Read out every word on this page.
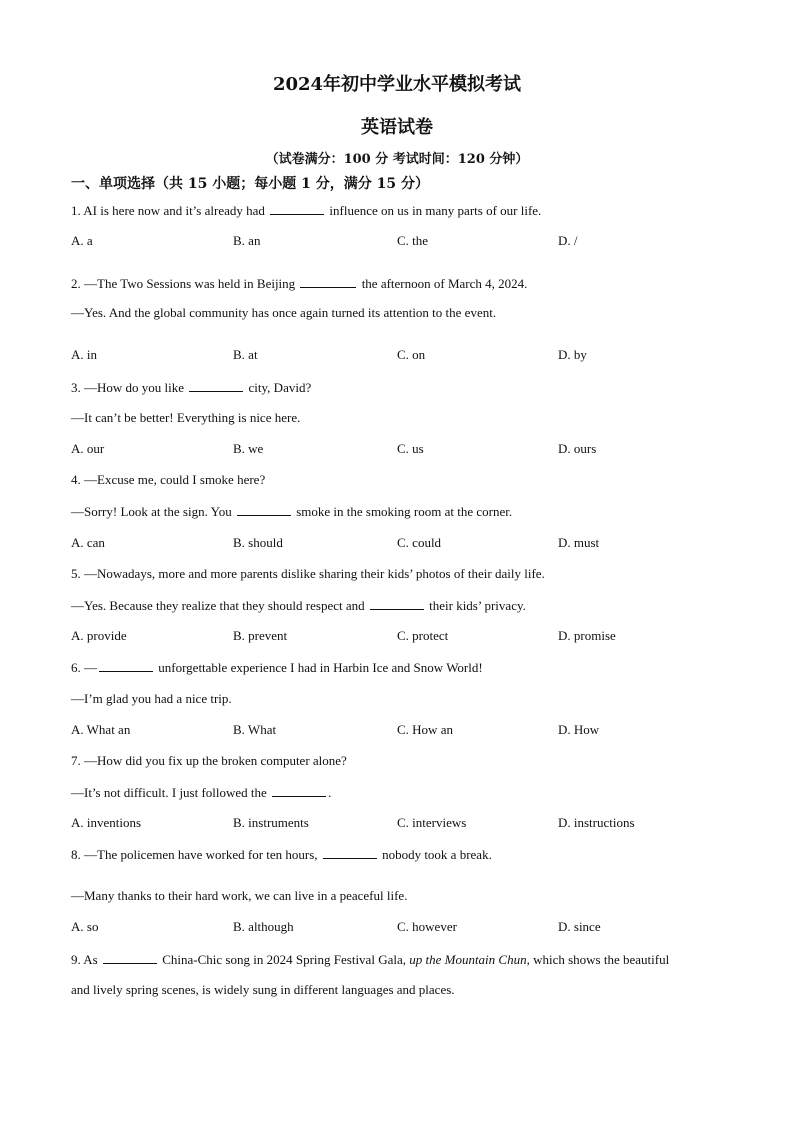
2024年初中学业水平模拟考试
英语试卷
（试卷满分：100 分 考试时间：120 分钟）
一、单项选择（共 15 小题；每小题 1 分，满分 15 分）
1. AI is here now and it’s already had	influence on us in many parts of our life.
A. a	B. an	C. the	D. /
2. —The Two Sessions was held in Beijing	the afternoon of March 4, 2024.
—Yes. And the global community has once again turned its attention to the event.
A. in	B. at	C. on	D. by
3. —How do you like	city, David?
—It can’t be better! Everything is nice here.
A. our	B. we	C. us	D. ours
4. —Excuse me, could I smoke here?
—Sorry! Look at the sign. You	smoke in the smoking room at the corner.
A. can	B. should	C. could	D. must
5. —Nowadays, more and more parents dislike sharing their kids’ photos of their daily life.
—Yes. Because they realize that they should respect and	their kids’ privacy.
A. provide	B. prevent	C. protect	D. promise
6. —	unforgettable experience I had in Harbin Ice and Snow World!
—I’m glad you had a nice trip.
A. What an	B. What	C. How an	D. How
7. —How did you fix up the broken computer alone?
—It’s not difficult. I just followed the	.
A. inventions	B. instruments	C. interviews	D. instructions
8. —The policemen have worked for ten hours,	nobody took a break.
—Many thanks to their hard work, we can live in a peaceful life.
A. so	B. although	C. however	D. since
9. As	China-Chic song in 2024 Spring Festival Gala, up the Mountain Chun, which shows the beautiful
and lively spring scenes, is widely sung in different languages and places.
